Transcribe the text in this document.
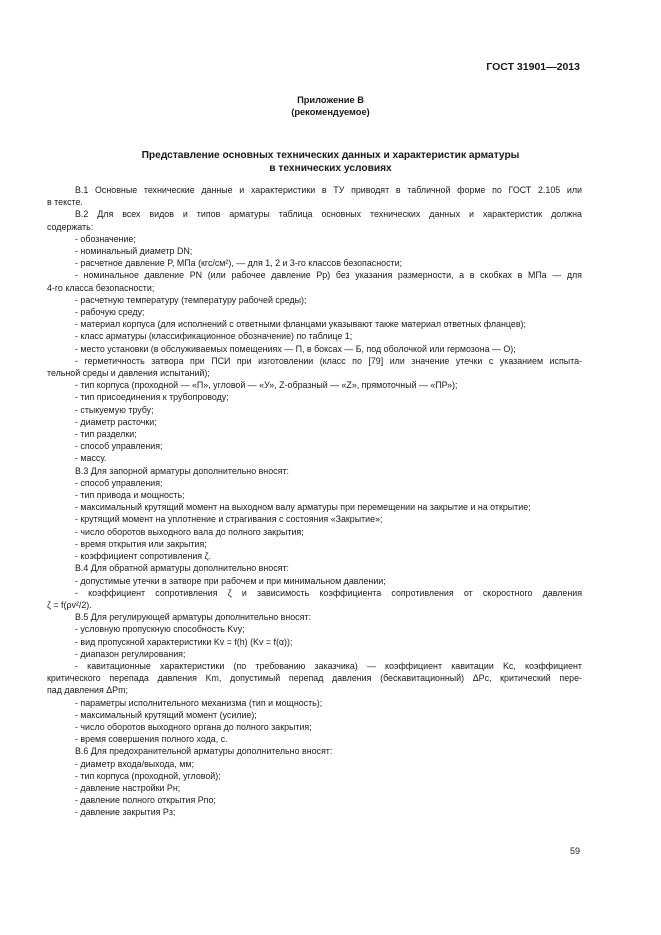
ГОСТ 31901—2013
Приложение В
(рекомендуемое)
Представление основных технических данных и характеристик арматуры
в технических условиях

В.1 Основные технические данные и характеристики в ТУ приводят в табличной форме по ГОСТ 2.105 или

в тексте.

В.2 Для всех видов и типов арматуры таблица основных технических данных и характеристик должна

содержать:

- обозначение;

- номинальный диаметр DN;

- расчетное давление P, МПа (кгс/см²), — для 1, 2 и 3-го классов безопасности;

- номинальное давление PN (или рабочее давление Pр) без указания размерности, а в скобках в МПа — для

4-го класса безопасности;

- расчетную температуру (температуру рабочей среды);

- рабочую среду;

- материал корпуса (для исполнений с ответными фланцами указывают также материал ответных фланцев);

- класс арматуры (классификационное обозначение) по таблице 1;

- место установки (в обслуживаемых помещениях — П, в боксах — Б, под оболочкой или гермозона — О);

- герметичность затвора при ПСИ при изготовлении (класс по [79] или значение утечки с указанием испыта-

тельной среды и давления испытаний);

- тип корпуса (проходной — «П», угловой — «У», Z-образный — «Z», прямоточный — «ПР»);

- тип присоединения к трубопроводу;

- стыкуемую трубу;

- диаметр расточки;

- тип разделки;

- способ управления;

- массу.

В.3 Для запорной арматуры дополнительно вносят:

- способ управления;

- тип привода и мощность;

- максимальный крутящий момент на выходном валу арматуры при перемещении на закрытие и на открытие;

- крутящий момент на уплотнение и страгивания с состояния «Закрытие»;

- число оборотов выходного вала до полного закрытия;

- время открытия или закрытия;

- коэффициент сопротивления ζ.

В.4 Для обратной арматуры дополнительно вносят:

- допустимые утечки в затворе при рабочем и при минимальном давлении;

- коэффициент сопротивления ζ и зависимость коэффициента сопротивления от скоростного давления

ζ = f(ρv²/2).

В.5 Для регулирующей арматуры дополнительно вносят:

- условную пропускную способность Kvy;

- вид пропускной характеристики Kv = f(h) (Kv = f(α));

- диапазон регулирования;

- кавитационные характеристики (по требованию заказчика) — коэффициент кавитации Kc, коэффициент

критического перепада давления Km, допустимый перепад давления (бескавитационный) ΔPc, критический пере-

пад давления ΔPm;

- параметры исполнительного механизма (тип и мощность);

- максимальный крутящий момент (усилие);

- число оборотов выходного органа до полного закрытия;

- время совершения полного хода, с.

В.6 Для предохранительной арматуры дополнительно вносят:

- диаметр входа/выхода, мм;

- тип корпуса (проходной, угловой);

- давление настройки Pн;

- давление полного открытия Pпо;

- давление закрытия Pз;

59
